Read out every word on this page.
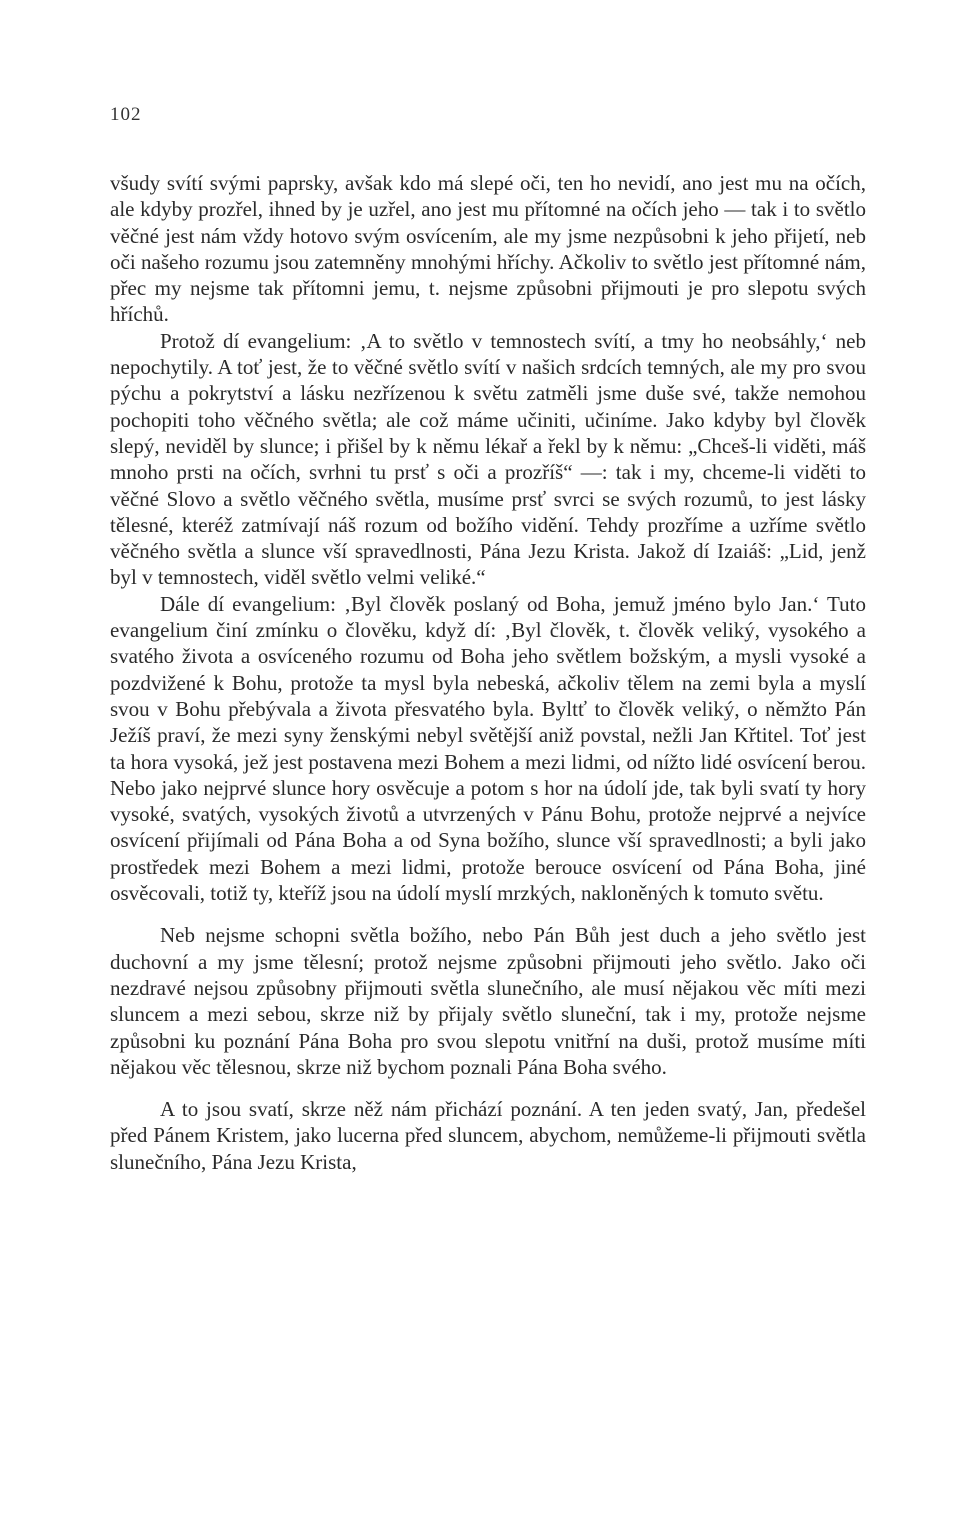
102

všudy svítí svými paprsky, avšak kdo má slepé oči, ten ho nevidí, ano jest mu na očích, ale kdyby prozřel, ihned by je uzřel, ano jest mu přítomné na očích jeho — tak i to světlo věčné jest nám vždy hotovo svým osvícením, ale my jsme nezpůsobni k jeho přijetí, neb oči našeho rozumu jsou zatemněny mnohými hříchy. Ačkoliv to světlo jest přítomné nám, přec my nejsme tak přítomni jemu, t. nejsme způsobni přijmouti je pro slepotu svých hříchů.

Protož dí evangelium: ‚A to světlo v temnostech svítí, a tmy ho neobsáhly,‘ neb nepochytily. A toť jest, že to věčné světlo svítí v našich srdcích temných, ale my pro svou pýchu a pokrytství a lásku nezřízenou k světu zatměli jsme duše své, takže nemohou pochopiti toho věčného světla; ale což máme učiniti, učiníme. Jako kdyby byl člověk slepý, neviděl by slunce; i přišel by k němu lékař a řekl by k němu: „Chceš-li viděti, máš mnoho prsti na očích, svrhni tu prsť s oči a prozříš“ —: tak i my, chceme-li viděti to věčné Slovo a světlo věčného světla, musíme prsť svrci se svých rozumů, to jest lásky tělesné, kteréž zatmívají náš rozum od božího vidění. Tehdy prozříme a uzříme světlo věčného světla a slunce vší spravedlnosti, Pána Jezu Krista. Jakož dí Izaiáš: „Lid, jenž byl v temnostech, viděl světlo velmi veliké.“

Dále dí evangelium: ‚Byl člověk poslaný od Boha, jemuž jméno bylo Jan.‘ Tuto evangelium činí zmínku o člověku, když dí: ‚Byl člověk, t. člověk veliký, vysokého a svatého života a osvíceného rozumu od Boha jeho světlem božským, a mysli vysoké a pozdvižené k Bohu, protože ta mysl byla nebeská, ačkoliv tělem na zemi byla a myslí svou v Bohu přebývala a života přesvatého byla. Byltť to člověk veliký, o němžto Pán Ježíš praví, že mezi syny ženskými nebyl světější aniž povstal, nežli Jan Křtitel. Toť jest ta hora vysoká, jež jest postavena mezi Bohem a mezi lidmi, od nížto lidé osvícení berou. Nebo jako nejprvé slunce hory osvěcuje a potom s hor na údolí jde, tak byli svatí ty hory vysoké, svatých, vysokých životů a utvrzených v Pánu Bohu, protože nejprvé a nejvíce osvícení přijímali od Pána Boha a od Syna božího, slunce vší spravedlnosti; a byli jako prostředek mezi Bohem a mezi lidmi, protože berouce osvícení od Pána Boha, jiné osvěcovali, totiž ty, kteříž jsou na údolí myslí mrzkých, nakloněných k tomuto světu.

Neb nejsme schopni světla božího, nebo Pán Bůh jest duch a jeho světlo jest duchovní a my jsme tělesní; protož nejsme způsobni přijmouti jeho světlo. Jako oči nezdravé nejsou způsobny přijmouti světla slunečního, ale musí nějakou věc míti mezi sluncem a mezi sebou, skrze niž by přijaly světlo sluneční, tak i my, protože nejsme způsobni ku poznání Pána Boha pro svou slepotu vnitřní na duši, protož musíme míti nějakou věc tělesnou, skrze niž bychom poznali Pána Boha svého.

A to jsou svatí, skrze něž nám přichází poznání. A ten jeden svatý, Jan, předešel před Pánem Kristem, jako lucerna před sluncem, abychom, nemůžeme-li přijmouti světla slunečního, Pána Jezu Krista,
